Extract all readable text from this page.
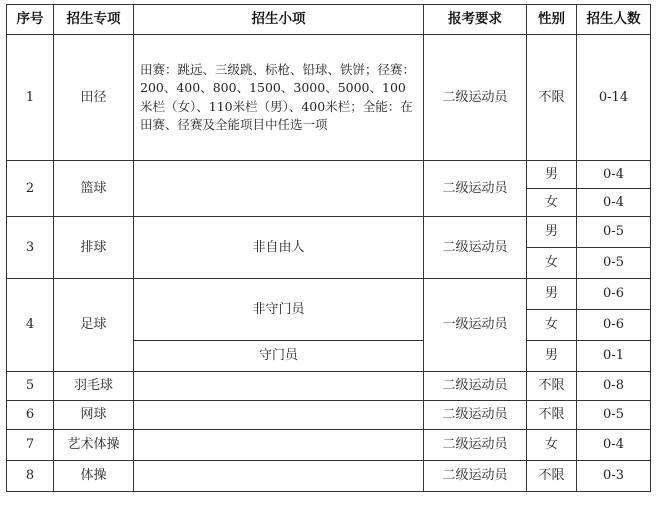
序号	招生专项	招生小项	报考要求	性别	招生人数
1	田径	田赛：跳远、三级跳、标枪、铅球、铁饼；径赛：200、400、800、1500、3000、5000、100米栏（女）、110米栏（男）、400米栏；全能：在田赛、径赛及全能项目中任选一项	二级运动员	不限	0-14
2	篮球		二级运动员	男	0-4
				女	0-4
3	排球	非自由人	二级运动员	男	0-5
				女	0-5
4	足球	非守门员	一级运动员	男	0-6
				女	0-6
		守门员		男	0-1
5	羽毛球		二级运动员	不限	0-8
6	网球		二级运动员	不限	0-5
7	艺术体操		二级运动员	女	0-4
8	体操		二级运动员	不限	0-3
